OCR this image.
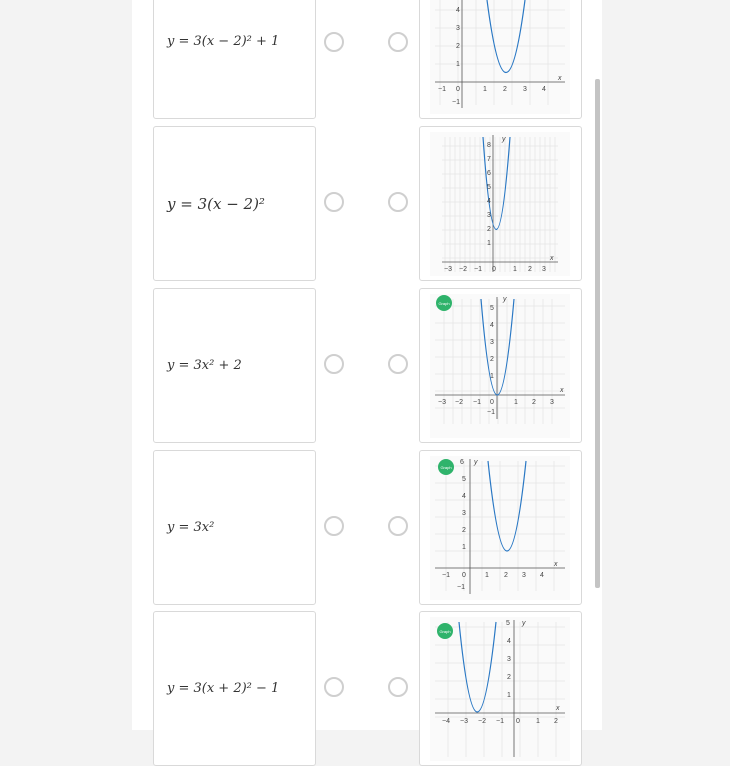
y = 3(x − 2)² + 1
4
3
2
1
0
−1
−1	1 2 3 4
x
y = 3(x − 2)²
8
7
6
5
4
3
2
1
−3 −2 −1 0 1 2 3
x
y
y = 3x² + 2
Graph
5
4
3
2
1
0
−1
−3 −2 −1	1 2 3
x
y
y = 3x²
Graph
6
5
4
3
2
1
0
−1
−1	1 2 3 4
x
y
y = 3(x + 2)² − 1
Graph
5
4
3
2
1
−4 −3 −2 −1 0 1 2
x
y
